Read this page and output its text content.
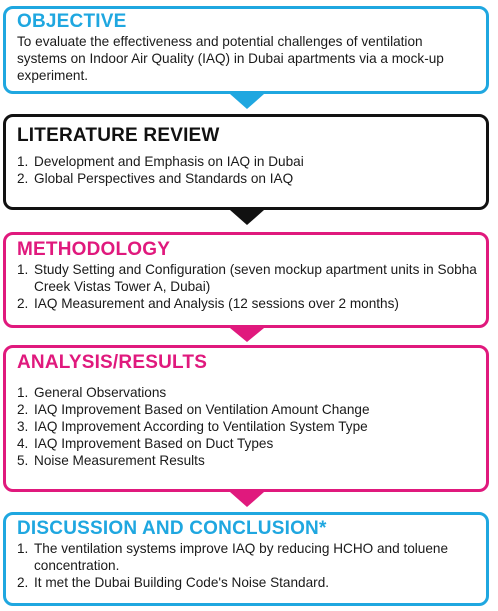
OBJECTIVE
To evaluate the effectiveness and potential challenges of ventilation systems on Indoor Air Quality (IAQ) in Dubai apartments via a mock-up experiment.
LITERATURE REVIEW
1. Development and Emphasis on IAQ in Dubai
2. Global Perspectives and Standards on IAQ
METHODOLOGY
1. Study Setting and Configuration (seven mockup apartment units in Sobha Creek Vistas Tower A, Dubai)
2. IAQ Measurement and Analysis (12 sessions over 2 months)
ANALYSIS/RESULTS
1. General Observations
2. IAQ Improvement Based on Ventilation Amount Change
3. IAQ Improvement According to Ventilation System Type
4. IAQ Improvement Based on Duct Types
5. Noise Measurement Results
DISCUSSION AND CONCLUSION*
1. The ventilation systems improve IAQ by reducing HCHO and toluene concentration.
2. It met the Dubai Building Code's Noise Standard.
